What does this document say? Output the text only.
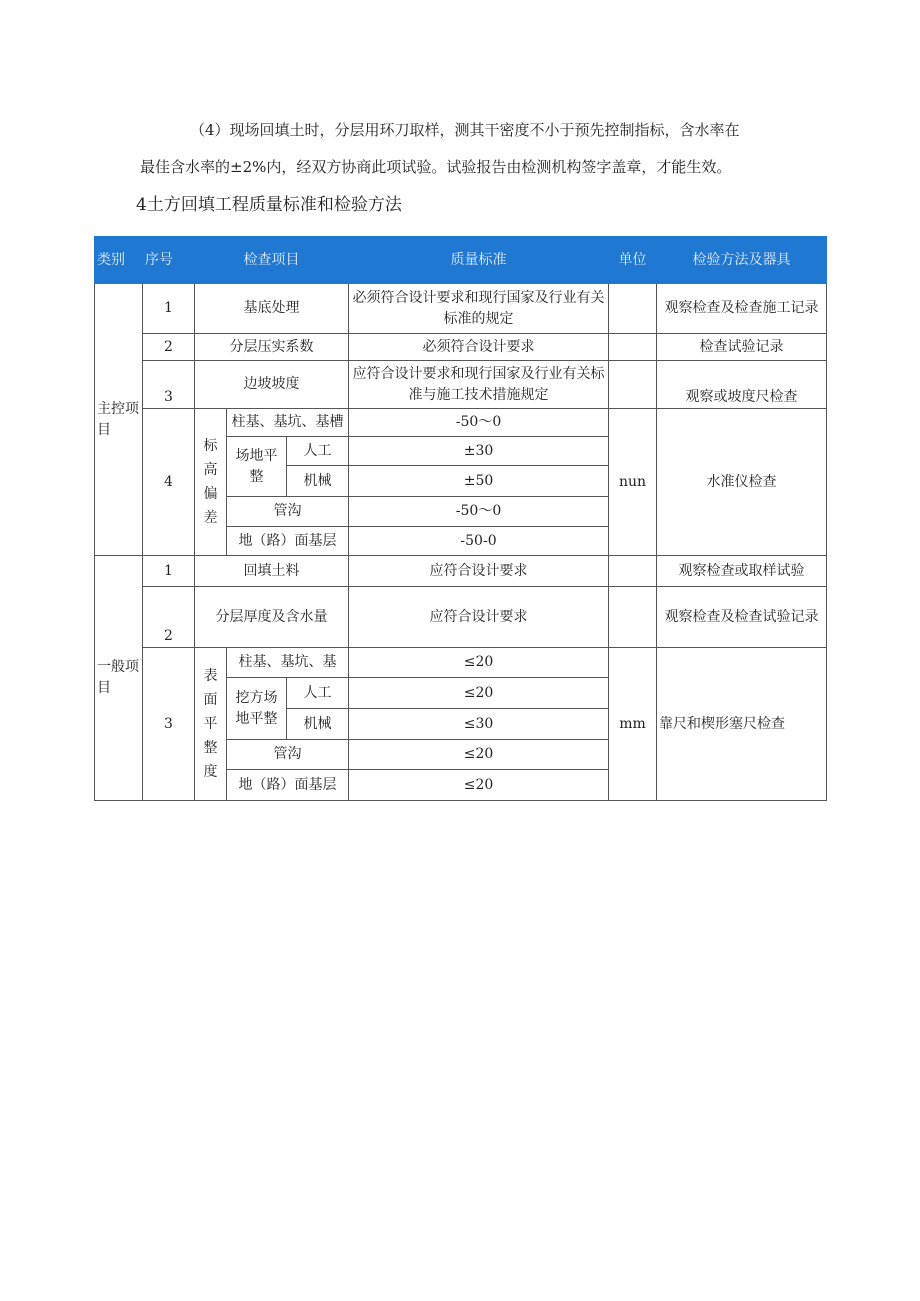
（4）现场回填土时，分层用环刀取样，测其干密度不小于预先控制指标，含水率在
最佳含水率的±2%内，经双方协商此项试验。试验报告由检测机构签字盖章，才能生效。
4土方回填工程质量标准和检验方法
类别	序号	检查项目			质量标准	单位	检验方法及器具
主控项目	1	基底处理			必须符合设计要求和现行国家及行业有关标准的规定		观察检查及检查施工记录
	2	分层压实系数			必须符合设计要求		检查试验记录
	3	边坡坡度			应符合设计要求和现行国家及行业有关标准与施工技术措施规定		观察或坡度尺检查
	4	标高偏差	柱基、基坑、基槽		-50～0	nun	水准仪检查
			场地平整	人工	±30		
				机械	±50		
			管沟		-50～0		
			地（路）面基层		-50-0		
一般项目	1	回填土料			应符合设计要求		观察检查或取样试验
	2	分层厚度及含水量			应符合设计要求		观察检查及检查试验记录
	3	表面平整度	柱基、基坑、基		≤20	mm	靠尺和楔形塞尺检查
			挖方场地平整	人工	≤20		
				机械	≤30		
			管沟		≤20		
			地（路）面基层		≤20		
